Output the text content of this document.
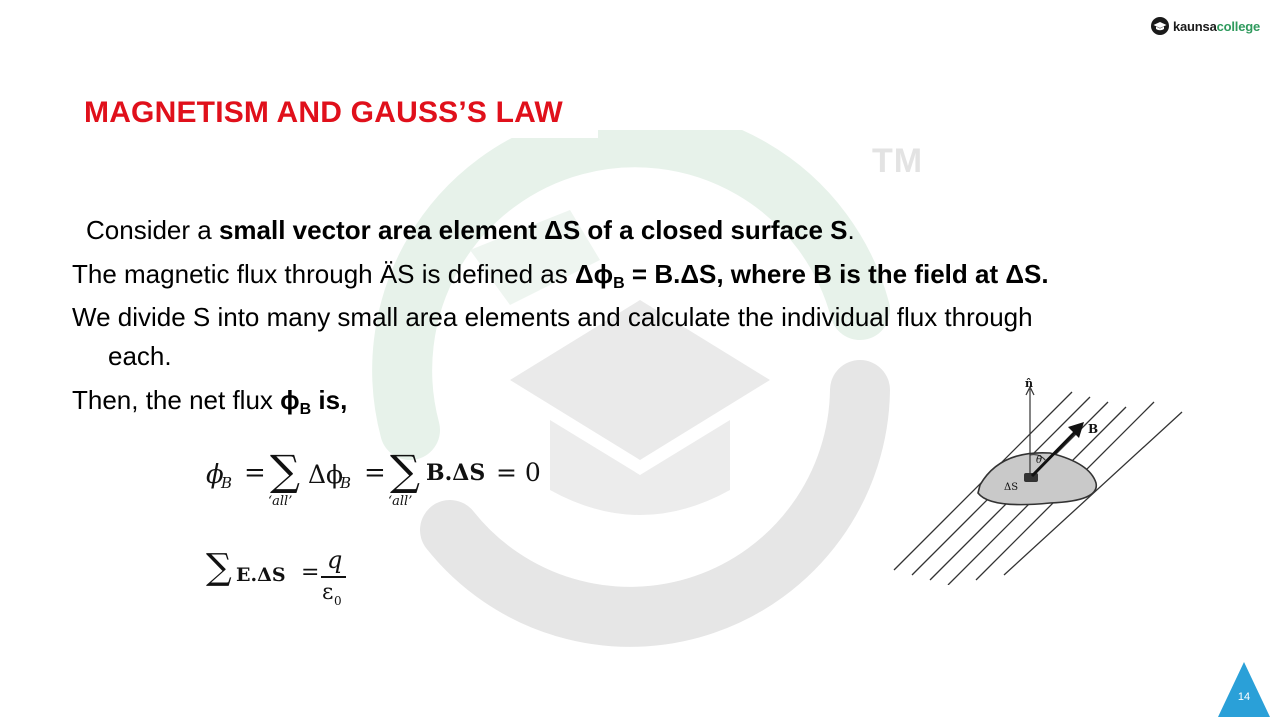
TM
kaunsacollege
MAGNETISM AND GAUSS’S LAW
Consider a small vector area element ΔS of a closed surface S.
The magnetic flux through ÄS is defined as $\Delta\phi_B = B.\Delta S$, where B is the field at ΔS.
We divide S into many small area elements and calculate the individual flux through
each.
Then, the net flux $\phi_B$ is,
ϕ
B = ∑
‘all’
Δϕ
B = ∑
‘all’
B.ΔS = 0
∑ E.ΔS = q
ε 0
n̂
B
θ
ΔS
14
